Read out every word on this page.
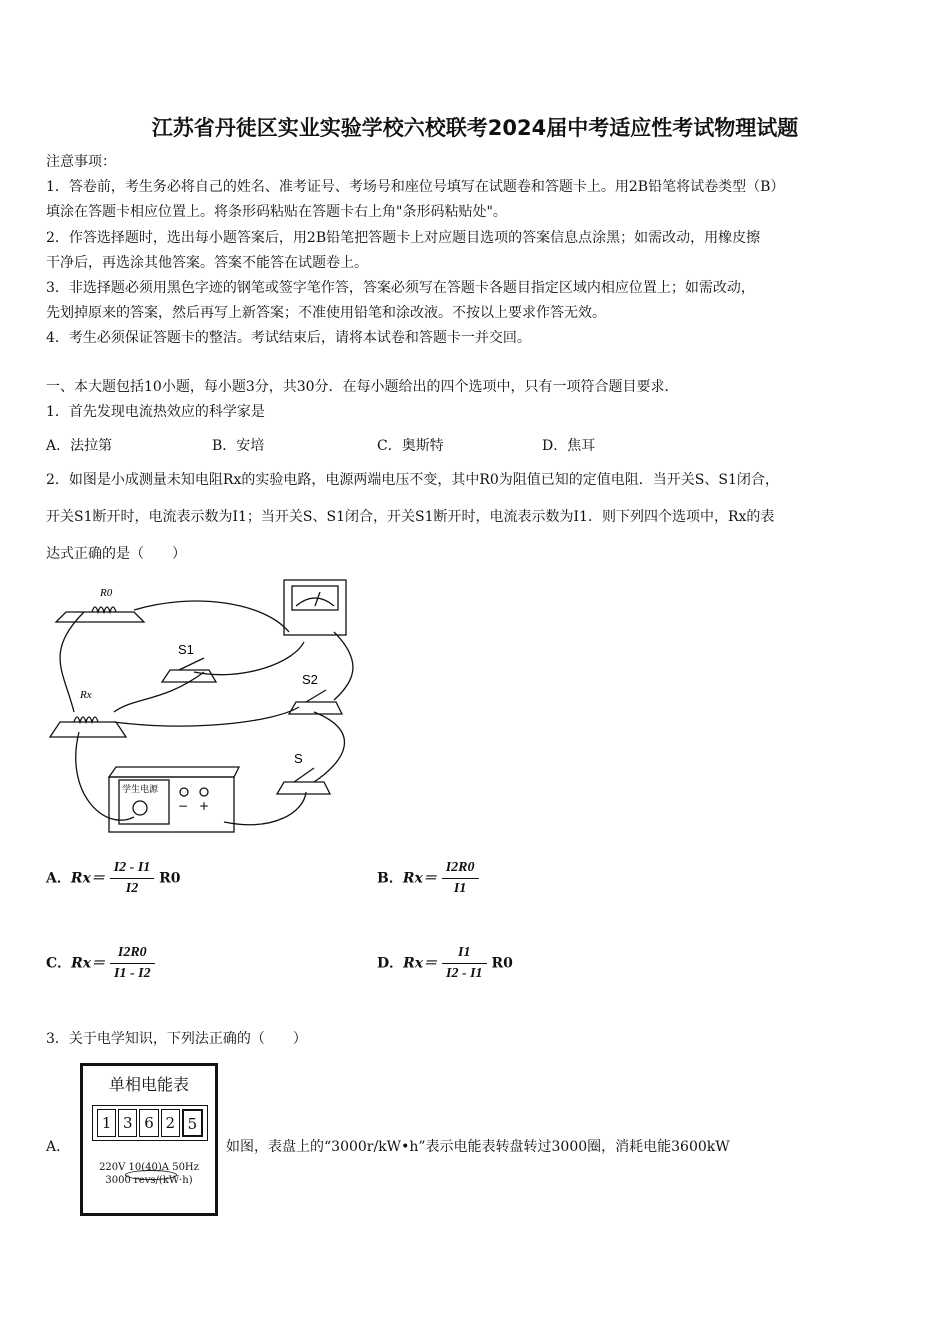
江苏省丹徒区实业实验学校六校联考2024届中考适应性考试物理试题
注意事项：
1．答卷前，考生务必将自己的姓名、准考证号、考场号和座位号填写在试题卷和答题卡上。用2B铅笔将试卷类型（B）
填涂在答题卡相应位置上。将条形码粘贴在答题卡右上角"条形码粘贴处"。
2．作答选择题时，选出每小题答案后，用2B铅笔把答题卡上对应题目选项的答案信息点涂黑；如需改动，用橡皮擦
干净后，再选涂其他答案。答案不能答在试题卷上。
3．非选择题必须用黑色字迹的钢笔或签字笔作答，答案必须写在答题卡各题目指定区域内相应位置上；如需改动，
先划掉原来的答案，然后再写上新答案；不准使用铅笔和涂改液。不按以上要求作答无效。
4．考生必须保证答题卡的整洁。考试结束后，请将本试卷和答题卡一并交回。
一、本大题包括10小题，每小题3分，共30分．在每小题给出的四个选项中，只有一项符合题目要求．
1．首先发现电流热效应的科学家是
A．法拉第	B．安培	C．奥斯特	D．焦耳
2．如图是小成测量未知电阻Rx的实验电路，电源两端电压不变，其中R0为阻值已知的定值电阻．当开关S、S1闭合，
开关S1断开时，电流表示数为I1；当开关S、S1闭合，开关S1断开时，电流表示数为I1．则下列四个选项中，Rx的表
达式正确的是（　　）
R0
Rx
S1
S2
S
学生电源
− +
A．$Rx= \frac{I2 - I1}{I2} R0$	B．$Rx= \frac{I2R0}{I1}$
C．$Rx= \frac{I2R0}{I1 - I2}$	D．$Rx= \frac{I1}{I2 - I1} R0$
3．关于电学知识，下列法正确的（　　）
A．
单相电能表
1 3 6 2 5
220V 10(40)A 50Hz
3000 revs/(kW·h)
如图，表盘上的“3000r/kW•h”表示电能表转盘转过3000圈，消耗电能3600kW
